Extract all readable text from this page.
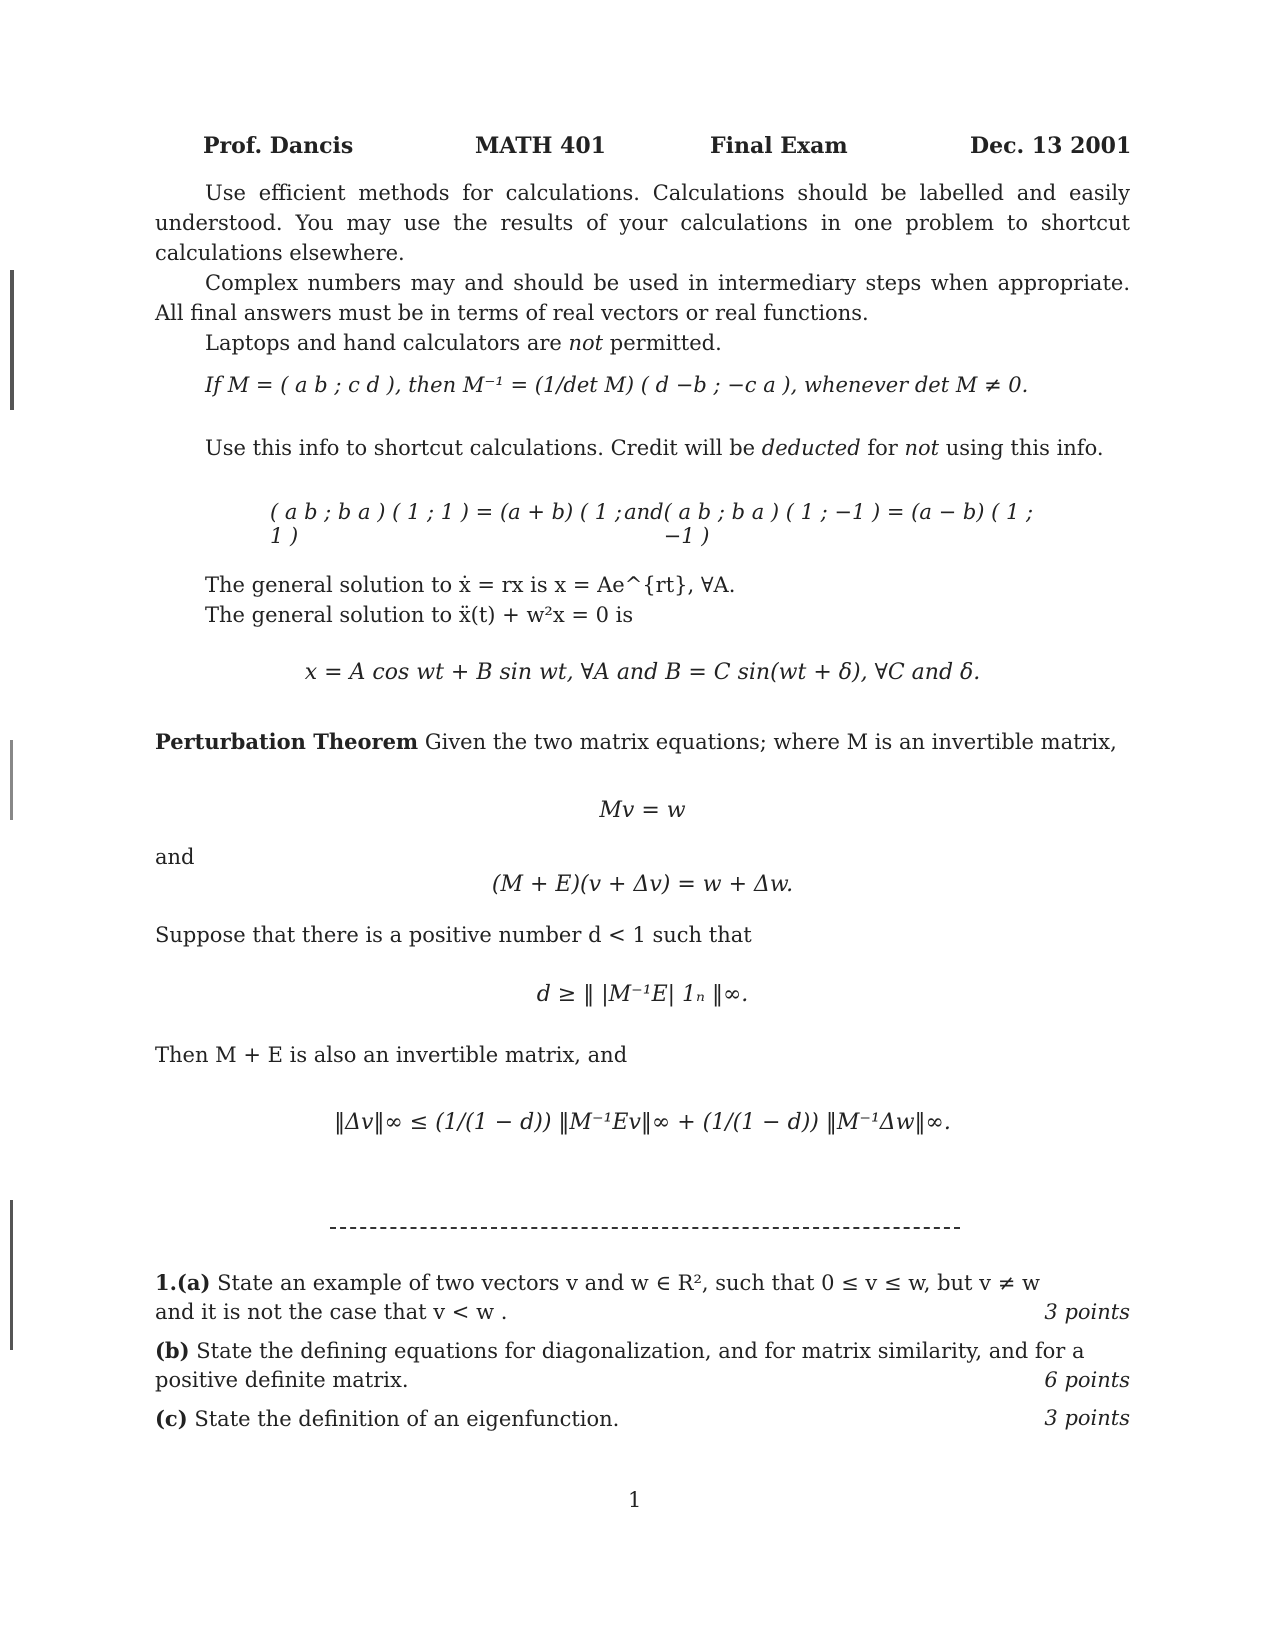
Prof. Dancis	MATH 401	Final Exam	Dec. 13 2001
Use efficient methods for calculations. Calculations should be labelled and easily understood. You may use the results of your calculations in one problem to shortcut calculations elsewhere.
Complex numbers may and should be used in intermediary steps when appropriate. All final answers must be in terms of real vectors or real functions.
Laptops and hand calculators are not permitted.
If M = ( a b ; c d ), then M⁻¹ = (1/det M) ( d −b ; −c a ), whenever det M ≠ 0.
Use this info to shortcut calculations. Credit will be deducted for not using this info.
( a b ; b a ) ( 1 ; 1 ) = (a + b) ( 1 ; 1 )
and ( a b ; b a ) ( 1 ; −1 ) = (a − b) ( 1 ; −1 )
The general solution to ẋ = rx is x = Ae^{rt}, ∀A.
The general solution to ẍ(t) + w²x = 0 is
x = A cos wt + B sin wt, ∀A and B = C sin(wt + δ), ∀C and δ.
Perturbation Theorem Given the two matrix equations; where M is an invertible matrix,
Mv = w
and
(M + E)(v + Δv) = w + Δw.
Suppose that there is a positive number d < 1 such that
d ≥ ‖ |M⁻¹E| 1ₙ ‖∞.
Then M + E is also an invertible matrix, and
‖Δv‖∞ ≤ (1/(1 − d)) ‖M⁻¹Ev‖∞ + (1/(1 − d)) ‖M⁻¹Δw‖∞.
1.(a) State an example of two vectors v and w ∈ R², such that 0 ≤ v ≤ w, but v ≠ w
and it is not the case that v < w .	3 points
(b) State the defining equations for diagonalization, and for matrix similarity, and for a
positive definite matrix.	6 points
(c) State the definition of an eigenfunction.	3 points
1
